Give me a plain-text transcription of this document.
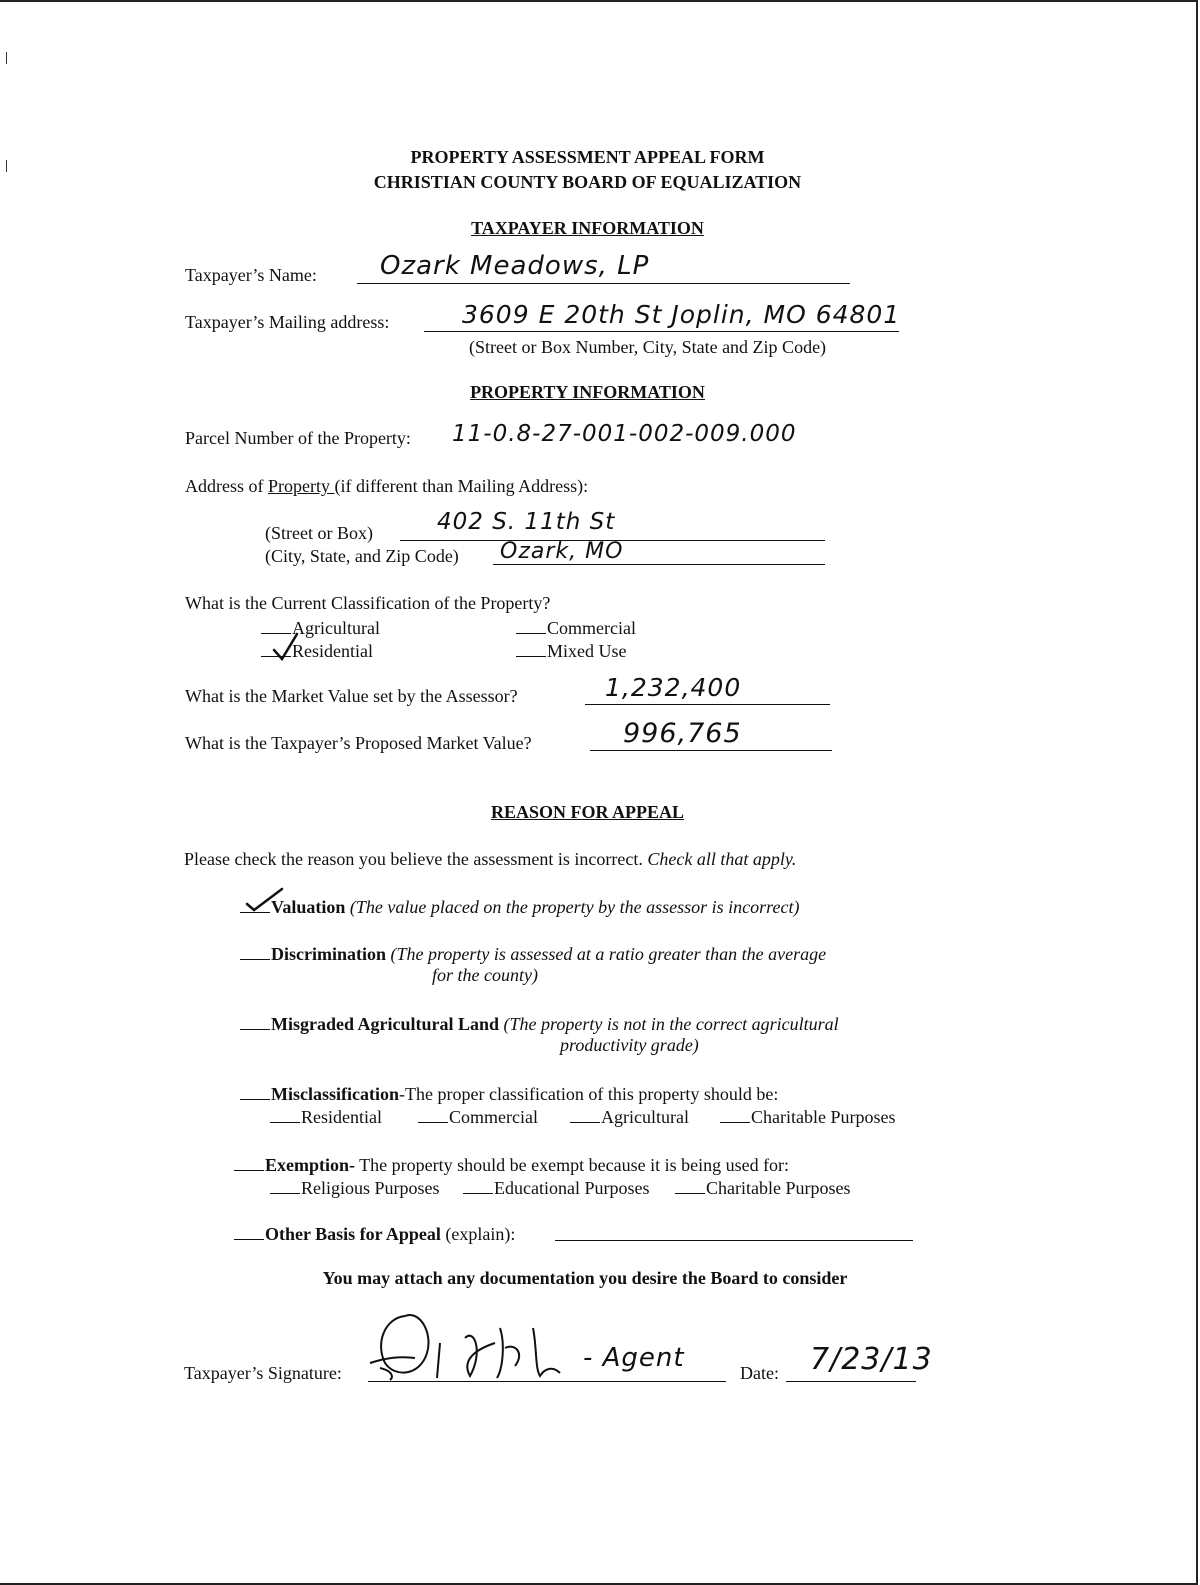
PROPERTY ASSESSMENT APPEAL FORM
CHRISTIAN COUNTY BOARD OF EQUALIZATION
TAXPAYER INFORMATION
Taxpayer’s Name: Ozark Meadows, LP
Taxpayer’s Mailing address:	3609 E 20th St Joplin, MO 64801
(Street or Box Number, City, State and Zip Code)
PROPERTY INFORMATION
Parcel Number of the Property: 11-0.8-27-001-002-009.000
Address of Property (if different than Mailing Address):
(Street or Box)	402 S. 11th St
(City, State, and Zip Code) Ozark, MO
What is the Current Classification of the Property?
Agricultural	Commercial
Residential	Mixed Use
What is the Market Value set by the Assessor?	1,232,400
What is the Taxpayer’s Proposed Market Value?	996,765
REASON FOR APPEAL
Please check the reason you believe the assessment is incorrect. Check all that apply.
Valuation (The value placed on the property by the assessor is incorrect)
Discrimination (The property is assessed at a ratio greater than the average
for the county)
Misgraded Agricultural Land (The property is not in the correct agricultural
productivity grade)
Misclassification-The proper classification of this property should be:
Residential	Commercial	Agricultural	Charitable Purposes
Exemption- The property should be exempt because it is being used for:
Religious Purposes	Educational Purposes	Charitable Purposes
Other Basis for Appeal (explain):
You may attach any documentation you desire the Board to consider
Taxpayer’s Signature:	- Agent	Date: 7/23/13
